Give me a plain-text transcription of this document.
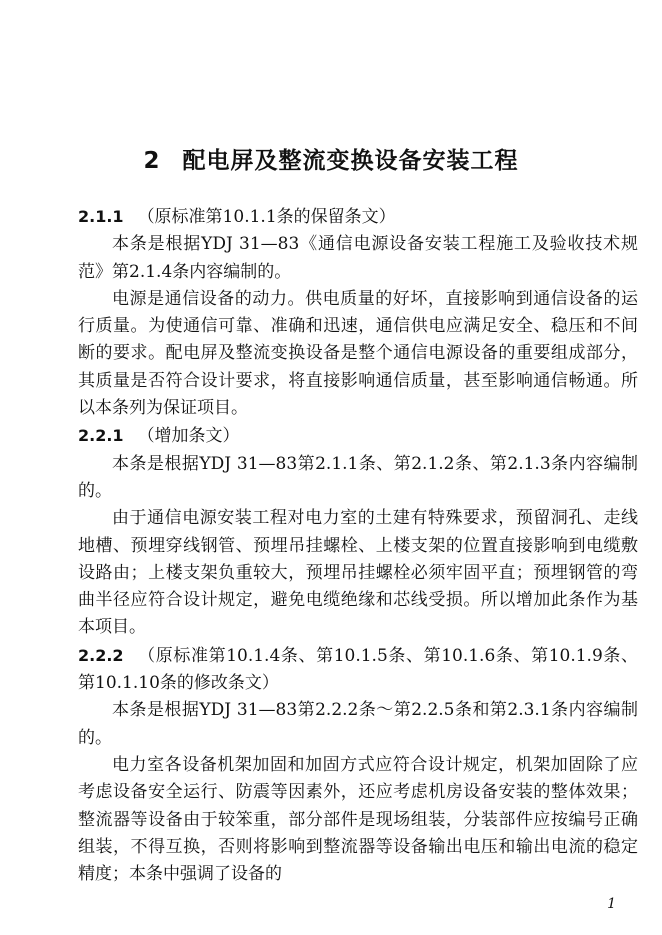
2 配电屏及整流变换设备安装工程

2.1.1 （原标准第10.1.1条的保留条文）

本条是根据YDJ 31—83《通信电源设备安装工程施工及验收技术规范》第2.1.4条内容编制的。

电源是通信设备的动力。供电质量的好坏，直接影响到通信设备的运行质量。为使通信可靠、准确和迅速，通信供电应满足安全、稳压和不间断的要求。配电屏及整流变换设备是整个通信电源设备的重要组成部分，其质量是否符合设计要求，将直接影响通信质量，甚至影响通信畅通。所以本条列为保证项目。

2.2.1 （增加条文）

本条是根据YDJ 31—83第2.1.1条、第2.1.2条、第2.1.3条内容编制的。

由于通信电源安装工程对电力室的土建有特殊要求，预留洞孔、走线地槽、预埋穿线钢管、预埋吊挂螺栓、上楼支架的位置直接影响到电缆敷设路由；上楼支架负重较大，预埋吊挂螺栓必须牢固平直；预埋钢管的弯曲半径应符合设计规定，避免电缆绝缘和芯线受损。所以增加此条作为基本项目。

2.2.2 （原标准第10.1.4条、第10.1.5条、第10.1.6条、第10.1.9条、第10.1.10条的修改条文）

本条是根据YDJ 31—83第2.2.2条～第2.2.5条和第2.3.1条内容编制的。

电力室各设备机架加固和加固方式应符合设计规定，机架加固除了应考虑设备安全运行、防震等因素外，还应考虑机房设备安装的整体效果；整流器等设备由于较笨重，部分部件是现场组装，分装部件应按编号正确组装，不得互换，否则将影响到整流器等设备输出电压和输出电流的稳定精度；本条中强调了设备的

1
